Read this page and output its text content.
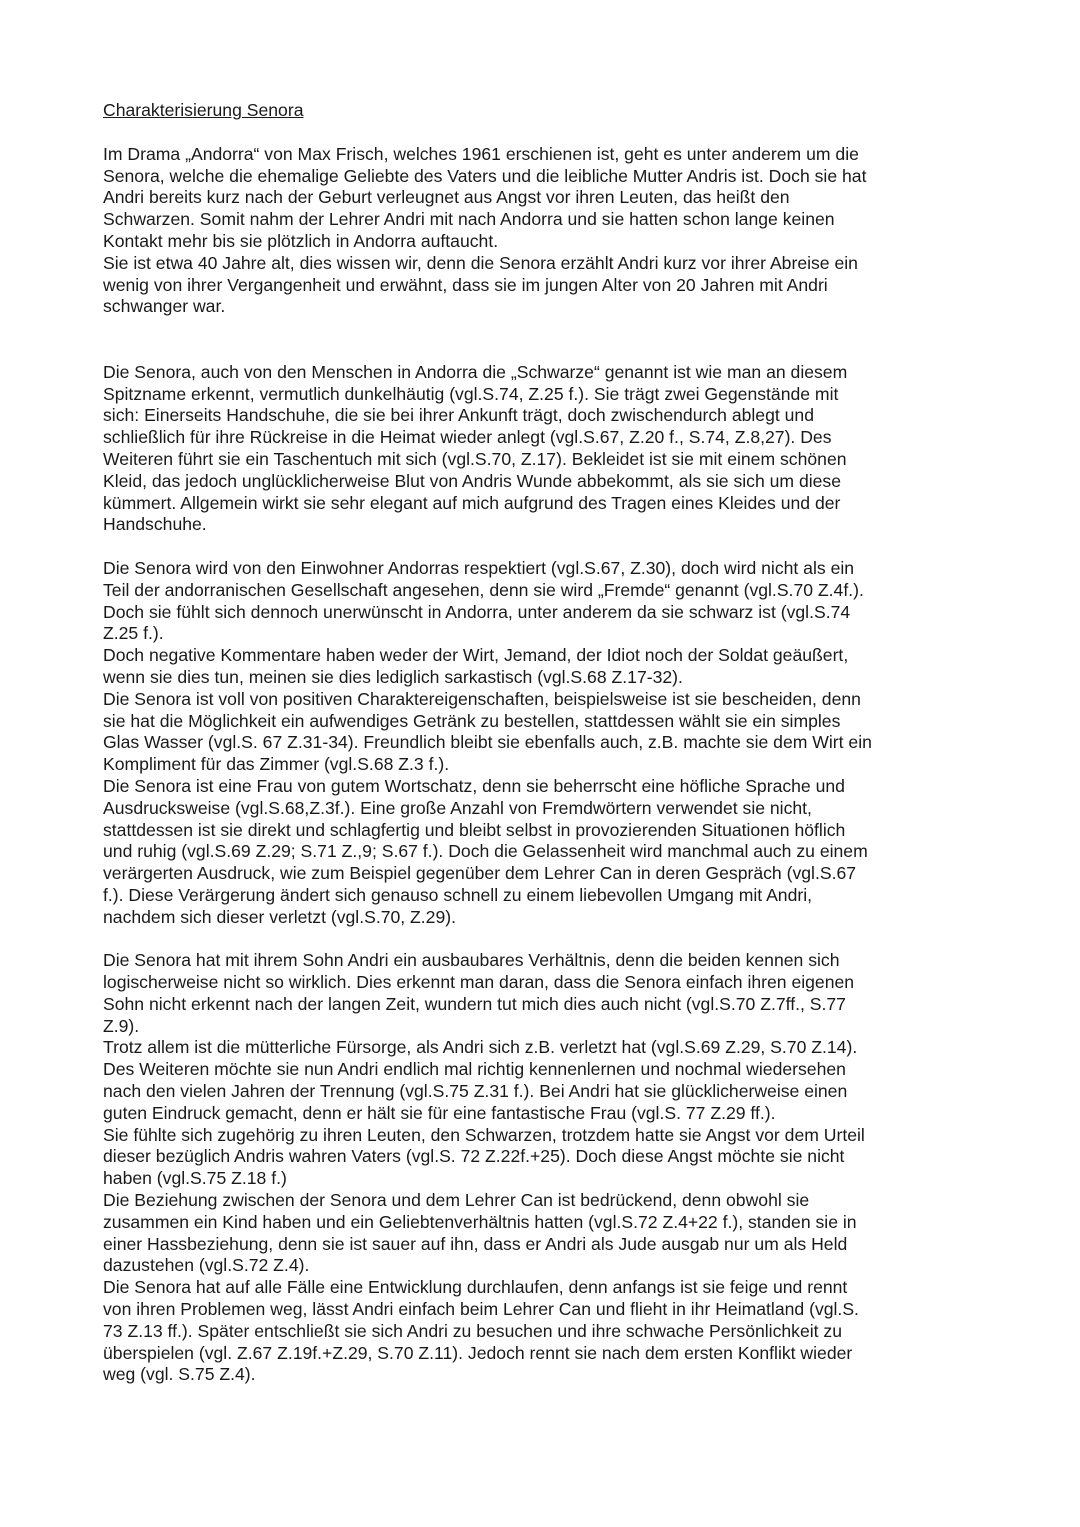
Charakterisierung Senora

Im Drama „Andorra“ von Max Frisch, welches 1961 erschienen ist, geht es unter anderem um die
Senora, welche die ehemalige Geliebte des Vaters und die leibliche Mutter Andris ist. Doch sie hat
Andri bereits kurz nach der Geburt verleugnet aus Angst vor ihren Leuten, das heißt den
Schwarzen. Somit nahm der Lehrer Andri mit nach Andorra und sie hatten schon lange keinen
Kontakt mehr bis sie plötzlich in Andorra auftaucht.
Sie ist etwa 40 Jahre alt, dies wissen wir, denn die Senora erzählt Andri kurz vor ihrer Abreise ein
wenig von ihrer Vergangenheit und erwähnt, dass sie im jungen Alter von 20 Jahren mit Andri
schwanger war.

Die Senora, auch von den Menschen in Andorra die „Schwarze“ genannt ist wie man an diesem
Spitzname erkennt, vermutlich dunkelhäutig (vgl.S.74, Z.25 f.). Sie trägt zwei Gegenstände mit
sich: Einerseits Handschuhe, die sie bei ihrer Ankunft trägt, doch zwischendurch ablegt und
schließlich für ihre Rückreise in die Heimat wieder anlegt (vgl.S.67, Z.20 f., S.74, Z.8,27). Des
Weiteren führt sie ein Taschentuch mit sich (vgl.S.70, Z.17). Bekleidet ist sie mit einem schönen
Kleid, das jedoch unglücklicherweise Blut von Andris Wunde abbekommt, als sie sich um diese
kümmert. Allgemein wirkt sie sehr elegant auf mich aufgrund des Tragen eines Kleides und der
Handschuhe.

Die Senora wird von den Einwohner Andorras respektiert (vgl.S.67, Z.30), doch wird nicht als ein
Teil der andorranischen Gesellschaft angesehen, denn sie wird „Fremde“ genannt (vgl.S.70 Z.4f.).
Doch sie fühlt sich dennoch unerwünscht in Andorra, unter anderem da sie schwarz ist (vgl.S.74
Z.25 f.).
Doch negative Kommentare haben weder der Wirt, Jemand, der Idiot noch der Soldat geäußert,
wenn sie dies tun, meinen sie dies lediglich sarkastisch (vgl.S.68 Z.17-32).
Die Senora ist voll von positiven Charaktereigenschaften, beispielsweise ist sie bescheiden, denn
sie hat die Möglichkeit ein aufwendiges Getränk zu bestellen, stattdessen wählt sie ein simples
Glas Wasser (vgl.S. 67 Z.31-34). Freundlich bleibt sie ebenfalls auch, z.B. machte sie dem Wirt ein
Kompliment für das Zimmer (vgl.S.68 Z.3 f.).
Die Senora ist eine Frau von gutem Wortschatz, denn sie beherrscht eine höfliche Sprache und
Ausdrucksweise (vgl.S.68,Z.3f.). Eine große Anzahl von Fremdwörtern verwendet sie nicht,
stattdessen ist sie direkt und schlagfertig und bleibt selbst in provozierenden Situationen höflich
und ruhig (vgl.S.69 Z.29; S.71 Z.,9; S.67 f.). Doch die Gelassenheit wird manchmal auch zu einem
verärgerten Ausdruck, wie zum Beispiel gegenüber dem Lehrer Can in deren Gespräch (vgl.S.67
f.). Diese Verärgerung ändert sich genauso schnell zu einem liebevollen Umgang mit Andri,
nachdem sich dieser verletzt (vgl.S.70, Z.29).

Die Senora hat mit ihrem Sohn Andri ein ausbaubares Verhältnis, denn die beiden kennen sich
logischerweise nicht so wirklich. Dies erkennt man daran, dass die Senora einfach ihren eigenen
Sohn nicht erkennt nach der langen Zeit, wundern tut mich dies auch nicht (vgl.S.70 Z.7ff., S.77
Z.9).
Trotz allem ist die mütterliche Fürsorge, als Andri sich z.B. verletzt hat (vgl.S.69 Z.29, S.70 Z.14).
Des Weiteren möchte sie nun Andri endlich mal richtig kennenlernen und nochmal wiedersehen
nach den vielen Jahren der Trennung (vgl.S.75 Z.31 f.). Bei Andri hat sie glücklicherweise einen
guten Eindruck gemacht, denn er hält sie für eine fantastische Frau (vgl.S. 77 Z.29 ff.).
Sie fühlte sich zugehörig zu ihren Leuten, den Schwarzen, trotzdem hatte sie Angst vor dem Urteil
dieser bezüglich Andris wahren Vaters (vgl.S. 72 Z.22f.+25). Doch diese Angst möchte sie nicht
haben (vgl.S.75 Z.18 f.)
Die Beziehung zwischen der Senora und dem Lehrer Can ist bedrückend, denn obwohl sie
zusammen ein Kind haben und ein Geliebtenverhältnis hatten (vgl.S.72 Z.4+22 f.), standen sie in
einer Hassbeziehung, denn sie ist sauer auf ihn, dass er Andri als Jude ausgab nur um als Held
dazustehen (vgl.S.72 Z.4).
Die Senora hat auf alle Fälle eine Entwicklung durchlaufen, denn anfangs ist sie feige und rennt
von ihren Problemen weg, lässt Andri einfach beim Lehrer Can und flieht in ihr Heimatland (vgl.S.
73 Z.13 ff.). Später entschließt sie sich Andri zu besuchen und ihre schwache Persönlichkeit zu
überspielen (vgl. Z.67 Z.19f.+Z.29, S.70 Z.11). Jedoch rennt sie nach dem ersten Konflikt wieder
weg (vgl. S.75 Z.4).
